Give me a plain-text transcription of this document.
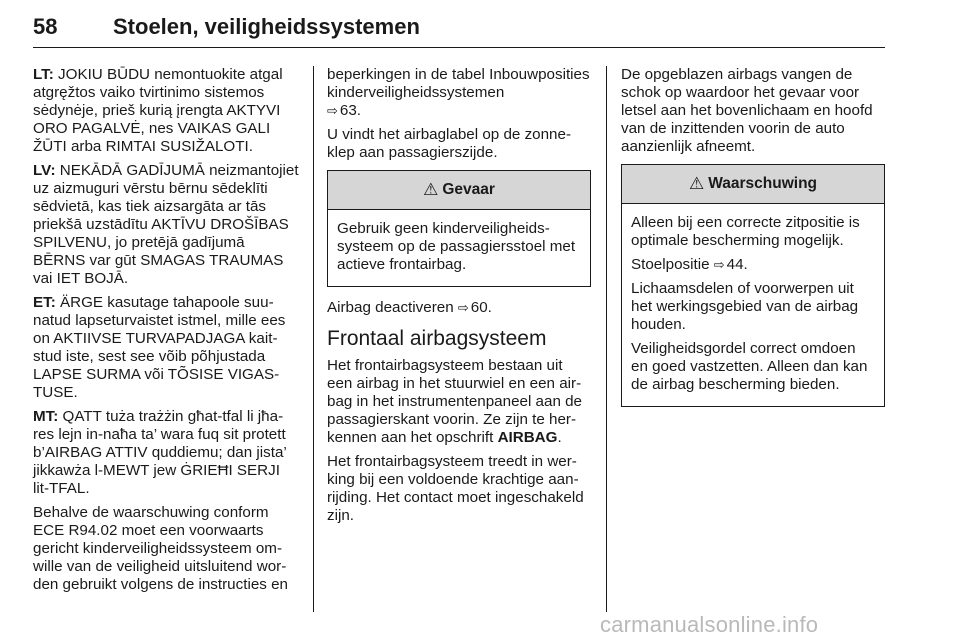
58	Stoelen, veiligheidssystemen

LT: JOKIU BŪDU nemontuokite atgal atgręžtos vaiko tvirtinimo sistemos sėdynėje, prieš kurią įrengta AKTYVI ORO PAGALVĖ, nes VAIKAS GALI ŽŪTI arba RIMTAI SUSIŽALOTI.

LV: NEKĀDĀ GADĪJUMĀ neizmantojiet uz aizmuguri vērstu bērnu sēdeklīti sēdvietā, kas tiek aizsargāta ar tās priekšā uzstādītu AKTĪVU DROŠĪBAS SPILVENU, jo pretējā gadījumā BĒRNS var gūt SMAGAS TRAUMAS vai IET BOJĀ.

ET: ÄRGE kasutage tahapoole suunatud lapseturvaistet istmel, mille ees on AKTIIVSE TURVAPADJAGA kaitstud iste, sest see võib põhjustada LAPSE SURMA või TÕSISE VIGASTUSE.

MT: QATT tuża trażżin għat-tfal li jħares lejn in-naħa ta’ wara fuq sit protett b’AIRBAG ATTIV quddiemu; dan jista’ jikkawża l-MEWT jew ĠRIEĦI SERJI lit-TFAL.

Behalve de waarschuwing conform ECE R94.02 moet een voorwaarts gericht kinderveiligheidssysteem omwille van de veiligheid uitsluitend worden gebruikt volgens de instructies en

beperkingen in de tabel Inbouwposities kinderveiligheidssystemen
⇨ 63.

U vindt het airbaglabel op de zonneklep aan passagierszijde.

⚠ Gevaar

Gebruik geen kinderveiligheidssysteem op de passagiersstoel met actieve frontairbag.

Airbag deactiveren ⇨ 60.

Frontaal airbagsysteem

Het frontairbagsysteem bestaan uit een airbag in het stuurwiel en een airbag in het instrumentenpaneel aan de passagierskant voorin. Ze zijn te herkennen aan het opschrift AIRBAG.

Het frontairbagsysteem treedt in werking bij een voldoende krachtige aanrijding. Het contact moet ingeschakeld zijn.

De opgeblazen airbags vangen de schok op waardoor het gevaar voor letsel aan het bovenlichaam en hoofd van de inzittenden voorin de auto aanzienlijk afneemt.

⚠ Waarschuwing

Alleen bij een correcte zitpositie is optimale bescherming mogelijk.

Stoelpositie ⇨ 44.

Lichaamsdelen of voorwerpen uit het werkingsgebied van de airbag houden.

Veiligheidsgordel correct omdoen en goed vastzetten. Alleen dan kan de airbag bescherming bieden.

carmanualsonline.info
